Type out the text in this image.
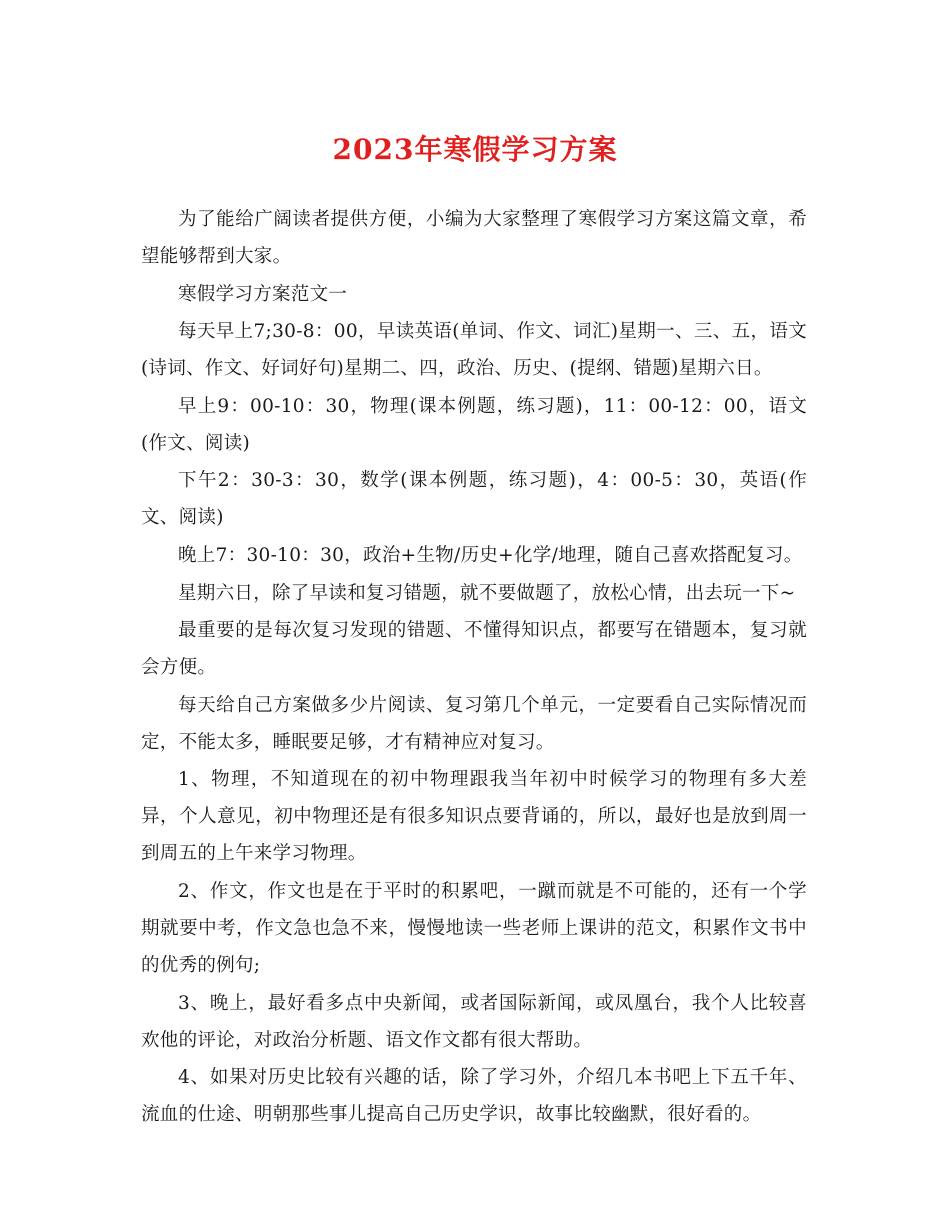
2023年寒假学习方案

为了能给广阔读者提供方便，小编为大家整理了寒假学习方案这篇文章，希望能够帮到大家。

寒假学习方案范文一

每天早上7;30-8：00，早读英语(单词、作文、词汇)星期一、三、五，语文(诗词、作文、好词好句)星期二、四，政治、历史、(提纲、错题)星期六日。

早上9：00-10：30，物理(课本例题，练习题)，11：00-12：00，语文(作文、阅读)

下午2：30-3：30，数学(课本例题，练习题)，4：00-5：30，英语(作文、阅读)

晚上7：30-10：30，政治+生物/历史+化学/地理，随自己喜欢搭配复习。

星期六日，除了早读和复习错题，就不要做题了，放松心情，出去玩一下~

最重要的是每次复习发现的错题、不懂得知识点，都要写在错题本，复习就会方便。

每天给自己方案做多少片阅读、复习第几个单元，一定要看自己实际情况而定，不能太多，睡眠要足够，才有精神应对复习。

1、物理，不知道现在的初中物理跟我当年初中时候学习的物理有多大差异，个人意见，初中物理还是有很多知识点要背诵的，所以，最好也是放到周一到周五的上午来学习物理。

2、作文，作文也是在于平时的积累吧，一蹴而就是不可能的，还有一个学期就要中考，作文急也急不来，慢慢地读一些老师上课讲的范文，积累作文书中的优秀的例句;

3、晚上，最好看多点中央新闻，或者国际新闻，或凤凰台，我个人比较喜欢他的评论，对政治分析题、语文作文都有很大帮助。

4、如果对历史比较有兴趣的话，除了学习外，介绍几本书吧上下五千年、流血的仕途、明朝那些事儿提高自己历史学识，故事比较幽默，很好看的。
